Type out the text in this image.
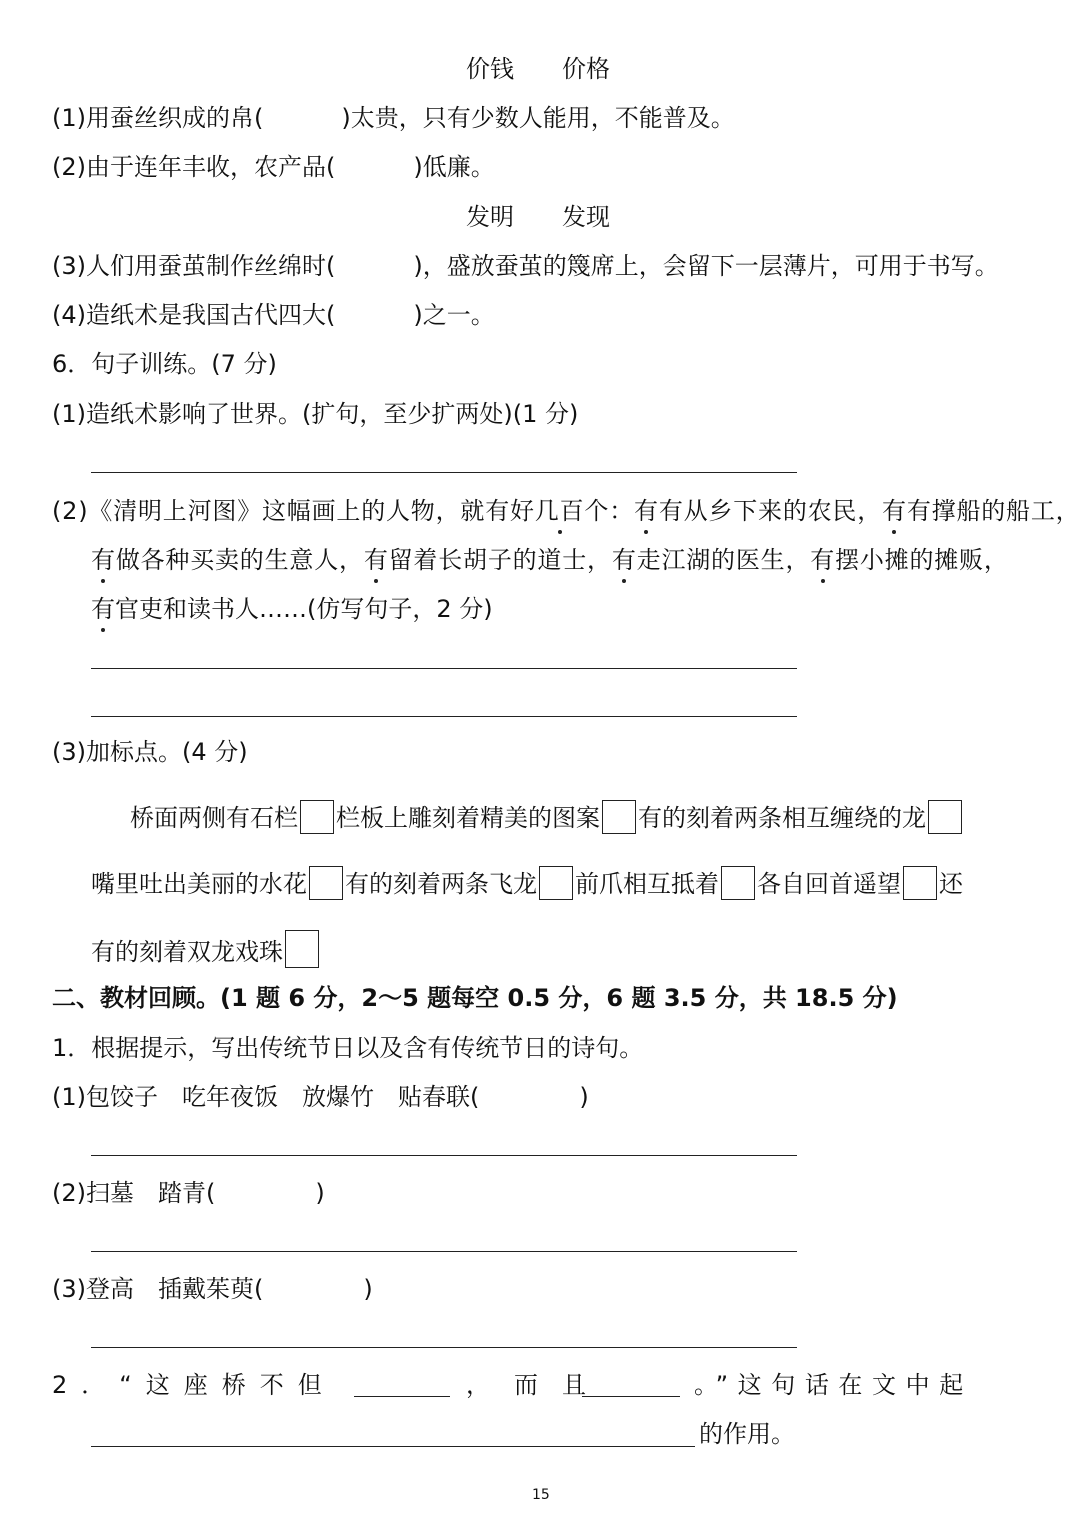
价钱　　价格
(1)用蚕丝织成的帛(	)太贵，只有少数人能用，不能普及。
(2)由于连年丰收，农产品(	)低廉。
发明　　发现
(3)人们用蚕茧制作丝绵时(	)，盛放蚕茧的篾席上，会留下一层薄片，可用于书写。
(4)造纸术是我国古代四大(	)之一。
6．句子训练。(7 分)
(1)造纸术影响了世界。(扩句，至少扩两处)(1 分)
(2)《清明上河图》这幅画上的人物，就有好几百个：有有从乡下来的农民，有有撑船的船工，
有做各种买卖的生意人，有留着长胡子的道士，有走江湖的医生，有摆小摊的摊贩，
有官吏和读书人……(仿写句子，2 分)
(3)加标点。(4 分)
桥面两侧有石栏 栏板上雕刻着精美的图案 有的刻着两条相互缠绕的龙
嘴里吐出美丽的水花 有的刻着两条飞龙 前爪相互抵着 各自回首遥望 还
有的刻着双龙戏珠
二、教材回顾。(1 题 6 分，2～5 题每空 0.5 分，6 题 3.5 分，共 18.5 分)
1．根据提示，写出传统节日以及含有传统节日的诗句。
(1)包饺子　吃年夜饭　放爆竹　贴春联(	)
(2)扫墓　踏青(	)
(3)登高　插戴茱萸(	)
2．“这座桥不但	，而且	。”这句话在文中起
的作用。
15
